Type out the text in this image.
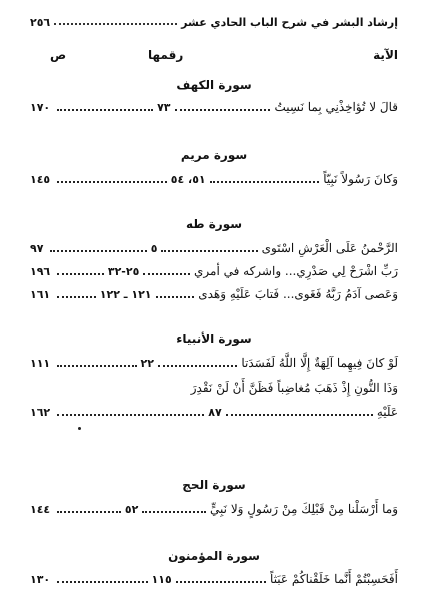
٢٥٦	إرشاد البشر في شرح الباب الحادي عشر
الآية
رقمها
ص
سورة الكهف
قالَ لا تُؤاخِذْنِي بِما نَسِيتُ
٧٣
١٧٠
سورة مريم
وَكانَ رَسُولاً نَبِيّاً
٥١، ٥٤
١٤٥
سورة طه
الرَّحْمنُ عَلَى الْعَرْشِ اسْتَوى
٥
٩٧
رَبِّ اشْرَحْ لِي صَدْرِي... واشركه في أمري
٢٥-٣٢
١٩٦
وَعَصى آدَمُ رَبَّهُ فَغَوى... فَتابَ عَلَيْهِ وَهَدى
١٢١ ـ ١٢٢
١٦١
سورة الأنبياء
لَوْ كانَ فِيهِما آلِهَةٌ إِلَّا اللَّهُ لَفَسَدَتا
٢٢
١١١
وَذَا النُّونِ إِذْ ذَهَبَ مُغاضِباً فَظَنَّ أَنْ لَنْ نَقْدِرَ
عَلَيْهِ
٨٧
١٦٢
سورة الحج
وَما أَرْسَلْنا مِنْ قَبْلِكَ مِنْ رَسُولٍ وَلا نَبِيٍّ
٥٢
١٤٤
سورة المؤمنون
أَفَحَسِبْتُمْ أَنَّما خَلَقْناكُمْ عَبَثاً
١١٥
١٣٠
